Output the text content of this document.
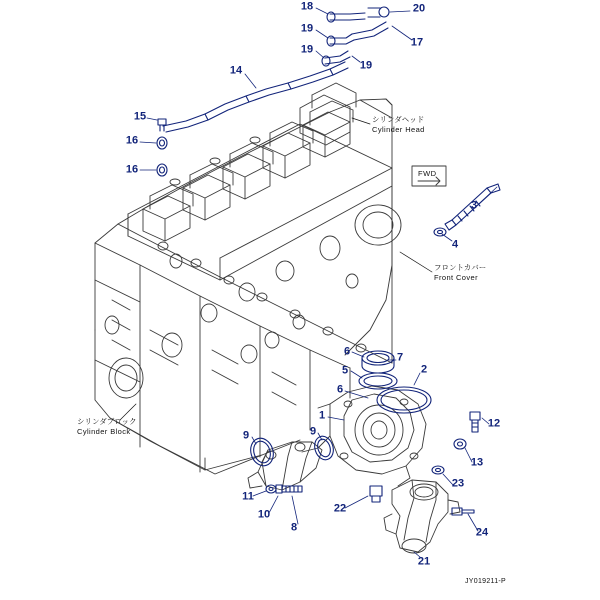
シリンダヘッド
Cylinder Head
フロントカバー
Front Cover
シリンダブロック
Cylinder Block
FWD
18	20
19
17
19
19
14
15
16
16
3
4
6	7
5	2
6
1
12
9	9
13
11
10
8
22
23
24
21
JY019211-P
